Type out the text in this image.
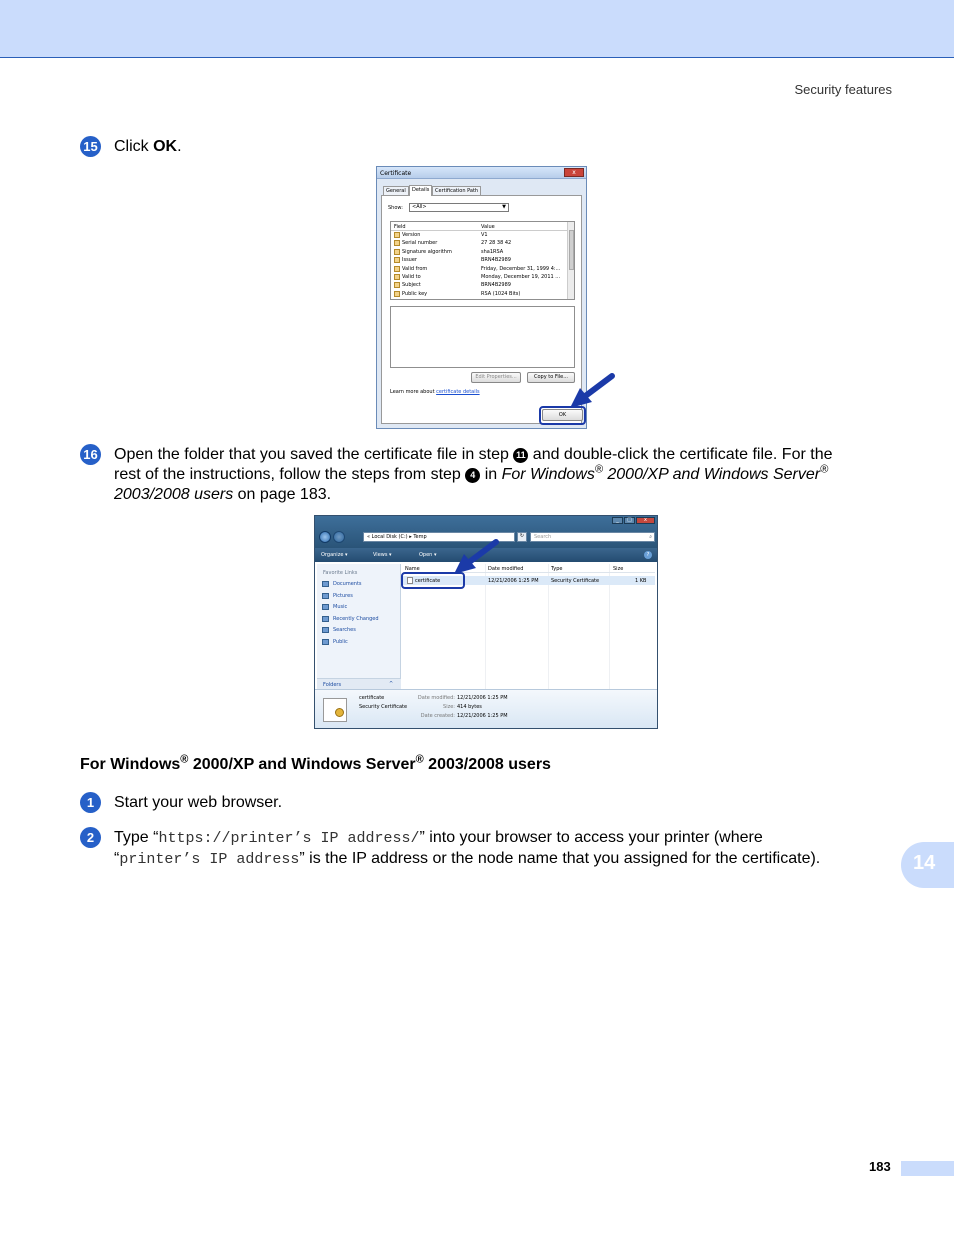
Security features
15 Click OK.
Certificate	x
General	Details	Certification Path
Show:	<All>	▼
Field	Value
Version	V1
Serial number	27 28 38 42
Signature algorithm	sha1RSA
Issuer	BRN4B2989
Valid from	Friday, December 31, 1999 4:...
Valid to	Monday, December 19, 2011 ...
Subject	BRN4B2989
Public key	RSA (1024 Bits)
Edit Properties...	Copy to File...
Learn more about certificate details
OK
16 Open the folder that you saved the certificate file in step 11 and double-click the certificate file. For the
rest of the instructions, follow the steps from step 4 in For Windows® 2000/XP and Windows Server®
2003/2008 users on page 183.
_	□	x
« Local Disk (C:) ▸ Temp	↻	Search	⌕
Organize ▾	Views ▾	Open ▾	?
Favorite Links
Documents
Pictures
Music
Recently Changed
Searches
Public
Folders	^
Name	Date modified	Type	Size
certificate	12/21/2006 1:25 PM Security Certificate	1 KB
certificate
Security Certificate
Date modified: 12/21/2006 1:25 PM
Size: 414 bytes
Date created: 12/21/2006 1:25 PM
For Windows® 2000/XP and Windows Server® 2003/2008 users
1	Start your web browser.
2	Type “https://printer’s IP address/” into your browser to access your printer (where
“printer’s IP address” is the IP address or the node name that you assigned for the certificate).	14
183
